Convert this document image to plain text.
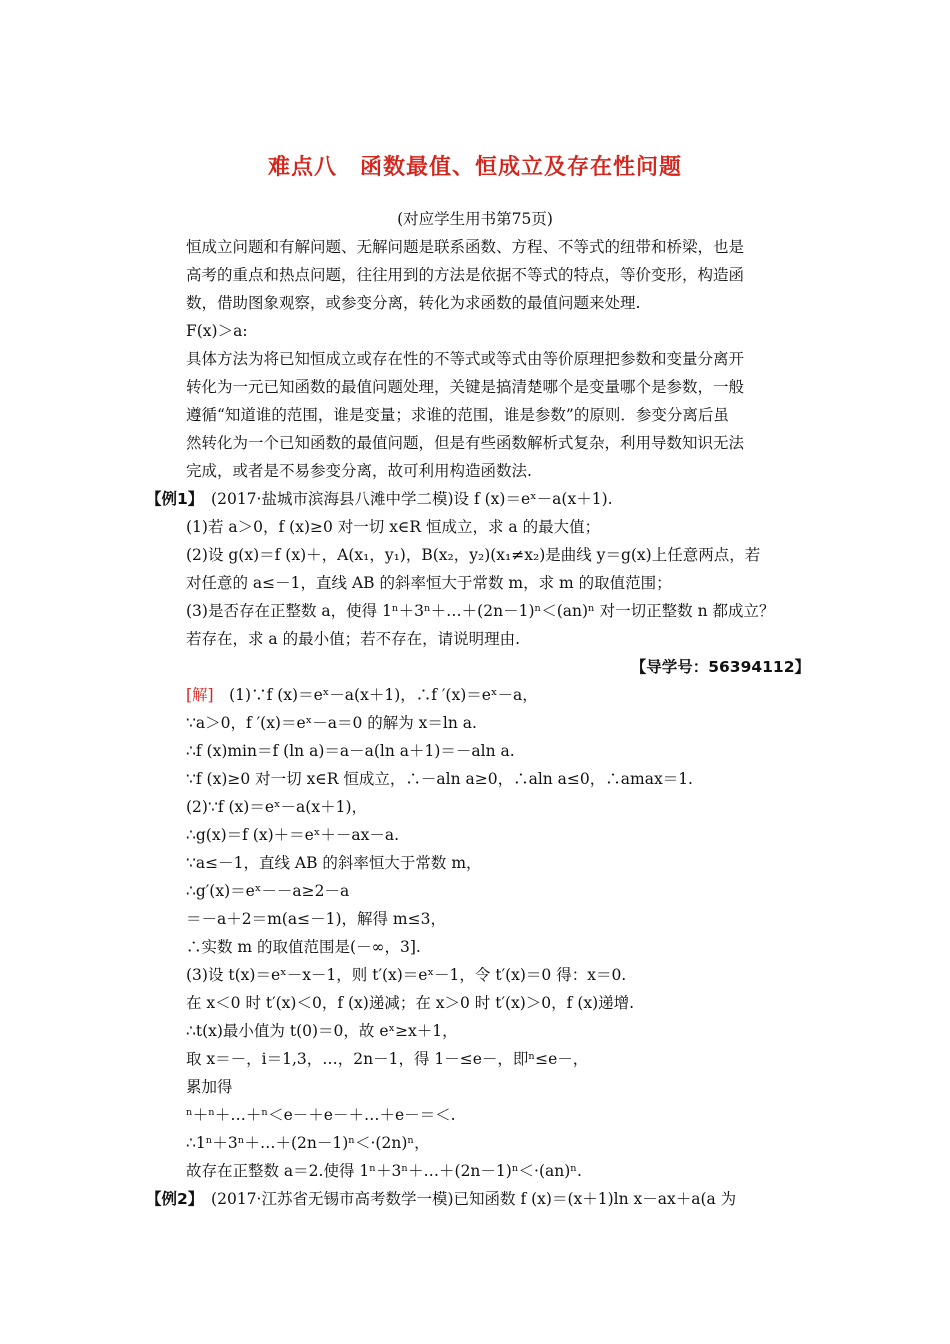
难点八　函数最值、恒成立及存在性问题
(对应学生用书第75页)
恒成立问题和有解问题、无解问题是联系函数、方程、不等式的纽带和桥梁，也是
高考的重点和热点问题，往往用到的方法是依据不等式的特点，等价变形，构造函
数，借助图象观察，或参变分离，转化为求函数的最值问题来处理.
F(x)＞a:
具体方法为将已知恒成立或存在性的不等式或等式由等价原理把参数和变量分离开
转化为一元已知函数的最值问题处理，关键是搞清楚哪个是变量哪个是参数，一般
遵循“知道谁的范围，谁是变量；求谁的范围，谁是参数”的原则．参变分离后虽
然转化为一个已知函数的最值问题，但是有些函数解析式复杂，利用导数知识无法
完成，或者是不易参变分离，故可利用构造函数法.
【例1】　(2017·盐城市滨海县八滩中学二模)设 f (x)＝eˣ－a(x＋1).
(1)若 a＞0，f (x)≥0 对一切 x∈R 恒成立，求 a 的最大值；
(2)设 g(x)＝f (x)＋，A(x₁，y₁)，B(x₂，y₂)(x₁≠x₂)是曲线 y＝g(x)上任意两点，若
对任意的 a≤－1，直线 AB 的斜率恒大于常数 m，求 m 的取值范围；
(3)是否存在正整数 a，使得 1ⁿ＋3ⁿ＋…＋(2n－1)ⁿ＜(an)ⁿ 对一切正整数 n 都成立？
若存在，求 a 的最小值；若不存在，请说明理由.
【导学号：56394112】
[解]　(1)∵f (x)＝eˣ－a(x＋1)，∴f ′(x)＝eˣ－a，
∵a＞0，f ′(x)＝eˣ－a＝0 的解为 x＝ln a.
∴f (x)min＝f (ln a)＝a－a(ln a＋1)＝－aln a.
∵f (x)≥0 对一切 x∈R 恒成立，∴－aln a≥0，∴aln a≤0，∴amax＝1.
(2)∵f (x)＝eˣ－a(x＋1)，
∴g(x)＝f (x)＋＝eˣ＋－ax－a.
∵a≤－1，直线 AB 的斜率恒大于常数 m，
∴g′(x)＝eˣ－－a≥2－a
＝－a＋2＝m(a≤－1)，解得 m≤3，
∴实数 m 的取值范围是(－∞，3].
(3)设 t(x)＝eˣ－x－1，则 t′(x)＝eˣ－1，令 t′(x)＝0 得：x＝0.
在 x＜0 时 t′(x)＜0，f (x)递减；在 x＞0 时 t′(x)＞0，f (x)递增.
∴t(x)最小值为 t(0)＝0，故 eˣ≥x＋1，
取 x＝－，i＝1,3，…，2n－1，得 1－≤e－，即ⁿ≤e－，
累加得
ⁿ＋ⁿ＋…＋ⁿ＜e－＋e－＋…＋e－＝＜.
∴1ⁿ＋3ⁿ＋…＋(2n－1)ⁿ＜·(2n)ⁿ，
故存在正整数 a＝2.使得 1ⁿ＋3ⁿ＋…＋(2n－1)ⁿ＜·(an)ⁿ.
【例2】　(2017·江苏省无锡市高考数学一模)已知函数 f (x)＝(x＋1)ln x－ax＋a(a 为
